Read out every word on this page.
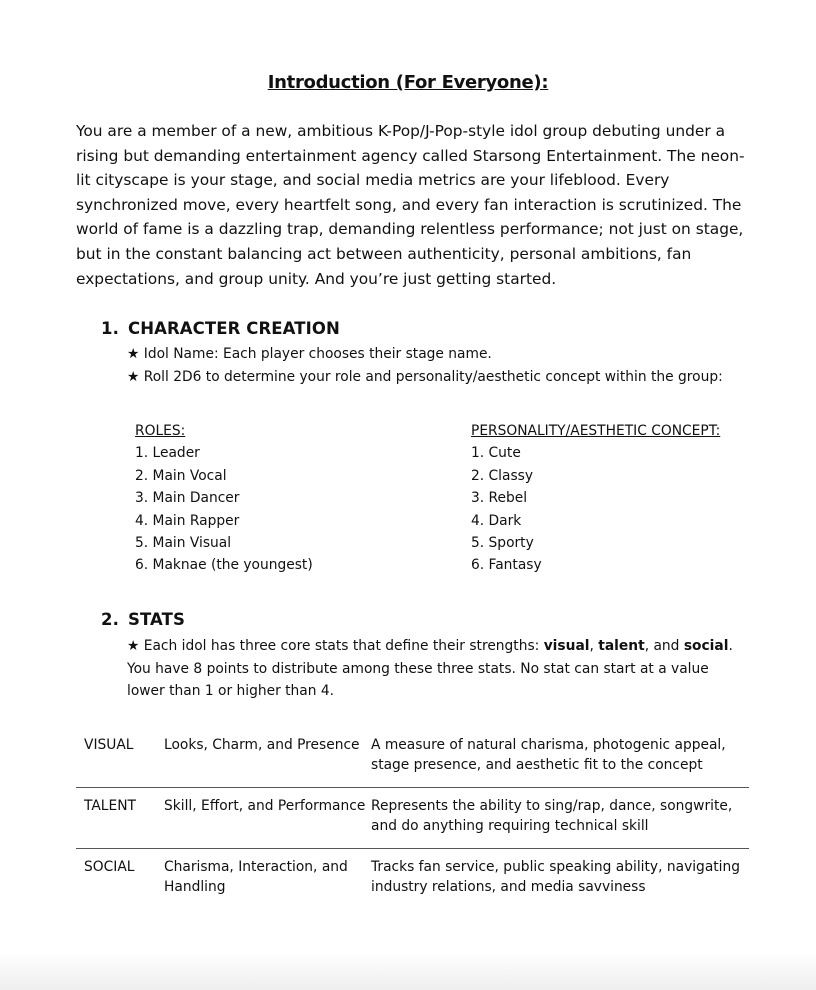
Introduction (For Everyone):

You are a member of a new, ambitious K-Pop/J-Pop-style idol group debuting under a rising but demanding entertainment agency called Starsong Entertainment. The neon-lit cityscape is your stage, and social media metrics are your lifeblood. Every synchronized move, every heartfelt song, and every fan interaction is scrutinized. The world of fame is a dazzling trap, demanding relentless performance; not just on stage, but in the constant balancing act between authenticity, personal ambitions, fan expectations, and group unity. And you’re just getting started.

1. CHARACTER CREATION
★ Idol Name: Each player chooses their stage name.
★ Roll 2D6 to determine your role and personality/aesthetic concept within the group:
ROLES:
1. Leader
2. Main Vocal
3. Main Dancer
4. Main Rapper
5. Main Visual
6. Maknae (the youngest)
PERSONALITY/AESTHETIC CONCEPT:
1. Cute
2. Classy
3. Rebel
4. Dark
5. Sporty
6. Fantasy
2. STATS
★ Each idol has three core stats that define their strengths: visual, talent, and social. You have 8 points to distribute among these three stats. No stat can start at a value lower than 1 or higher than 4.
VISUAL	Looks, Charm, and Presence	A measure of natural charisma, photogenic appeal, stage presence, and aesthetic fit to the concept
TALENT	Skill, Effort, and Performance	Represents the ability to sing/rap, dance, songwrite, and do anything requiring technical skill
SOCIAL	Charisma, Interaction, and Handling	Tracks fan service, public speaking ability, navigating industry relations, and media savviness
